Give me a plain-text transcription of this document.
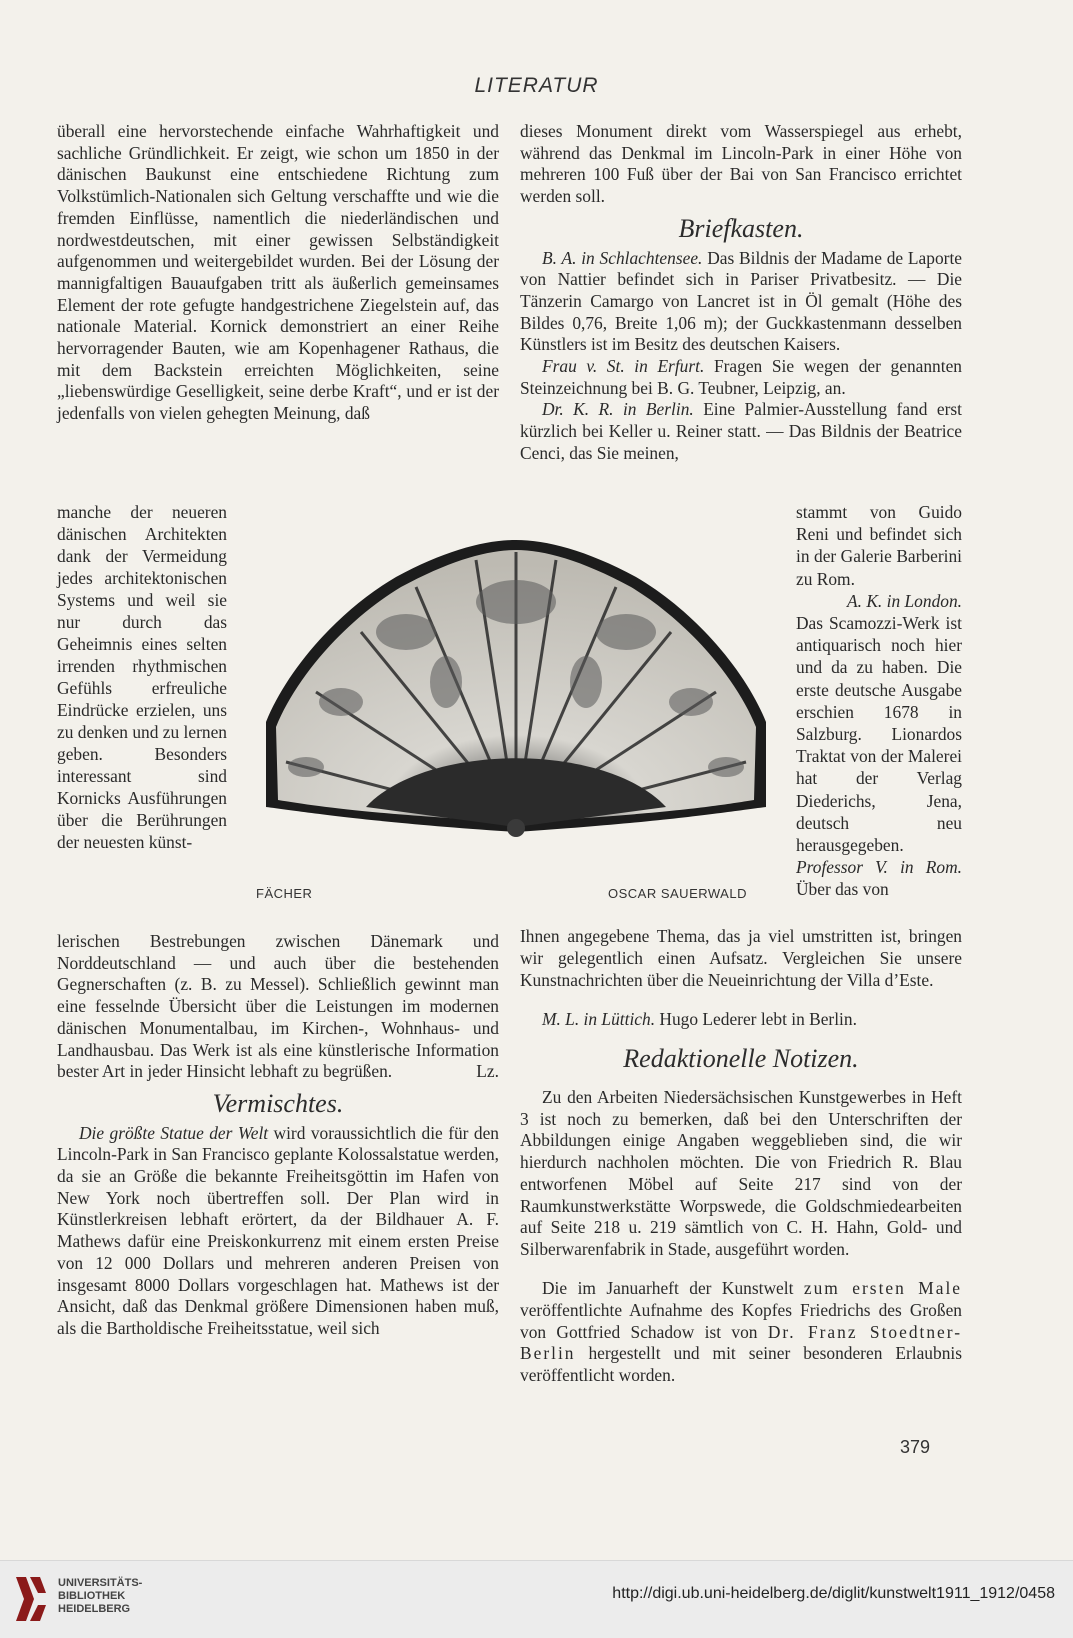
LITERATUR

überall eine hervorstechende einfache Wahrhaftigkeit und sachliche Gründlichkeit. Er zeigt, wie schon um 1850 in der dänischen Baukunst eine entschiedene Richtung zum Volkstümlich-Nationalen sich Geltung verschaffte und wie die fremden Einflüsse, namentlich die niederländischen und nordwestdeutschen, mit einer gewissen Selbständigkeit aufgenommen und weitergebildet wurden. Bei der Lösung der mannigfaltigen Bauaufgaben tritt als äußerlich gemeinsames Element der rote gefugte handgestrichene Ziegelstein auf, das nationale Material. Kornick demonstriert an einer Reihe hervorragender Bauten, wie am Kopenhagener Rathaus, die mit dem Backstein erreichten Möglichkeiten, seine „liebenswürdige Geselligkeit, seine derbe Kraft“, und er ist der jedenfalls von vielen gehegten Meinung, daß

manche der neueren dänischen Architekten dank der Vermeidung jedes architektonischen Systems und weil sie nur durch das Geheimnis eines selten irrenden rhythmischen Gefühls erfreuliche Eindrücke erzielen, uns zu denken und zu lernen geben. Besonders interessant sind Kornicks Ausführungen über die Berührungen der neuesten künst-

FÄCHER	OSCAR SAUERWALD

lerischen Bestrebungen zwischen Dänemark und Norddeutschland — und auch über die bestehenden Gegnerschaften (z. B. zu Messel). Schließlich gewinnt man eine fesselnde Übersicht über die Leistungen im modernen dänischen Monumentalbau, im Kirchen-, Wohnhaus- und Landhausbau. Das Werk ist als eine künstlerische Information bester Art in jeder Hinsicht lebhaft zu begrüßen.	Lz.

Vermischtes.

Die größte Statue der Welt wird voraussichtlich die für den Lincoln-Park in San Francisco geplante Kolossalstatue werden, da sie an Größe die bekannte Freiheitsgöttin im Hafen von New York noch übertreffen soll. Der Plan wird in Künstlerkreisen lebhaft erörtert, da der Bildhauer A. F. Mathews dafür eine Preiskonkurrenz mit einem ersten Preise von 12 000 Dollars und mehreren anderen Preisen von insgesamt 8000 Dollars vorgeschlagen hat. Mathews ist der Ansicht, daß das Denkmal größere Dimensionen haben muß, als die Bartholdische Freiheitsstatue, weil sich

dieses Monument direkt vom Wasserspiegel aus erhebt, während das Denkmal im Lincoln-Park in einer Höhe von mehreren 100 Fuß über der Bai von San Francisco errichtet werden soll.

Briefkasten.

B. A. in Schlachtensee. Das Bildnis der Madame de Laporte von Nattier befindet sich in Pariser Privatbesitz. — Die Tänzerin Camargo von Lancret ist in Öl gemalt (Höhe des Bildes 0,76, Breite 1,06 m); der Guckkastenmann desselben Künstlers ist im Besitz des deutschen Kaisers.

Frau v. St. in Erfurt. Fragen Sie wegen der genannten Steinzeichnung bei B. G. Teubner, Leipzig, an.

Dr. K. R. in Berlin. Eine Palmier-Ausstellung fand erst kürzlich bei Keller u. Reiner statt. — Das Bildnis der Beatrice Cenci, das Sie meinen,

stammt von Guido Reni und befindet sich in der Galerie Barberini zu Rom.

A. K. in London.

Das Scamozzi-Werk ist antiquarisch noch hier und da zu haben. Die erste deutsche Ausgabe erschien 1678 in Salzburg. Lionardos Traktat von der Malerei hat der Verlag Diederichs, Jena, deutsch neu herausgegeben.

Professor V. in Rom. Über das von

Ihnen angegebene Thema, das ja viel umstritten ist, bringen wir gelegentlich einen Aufsatz. Vergleichen Sie unsere Kunstnachrichten über die Neueinrichtung der Villa d’Este.

M. L. in Lüttich. Hugo Lederer lebt in Berlin.

Redaktionelle Notizen.

Zu den Arbeiten Niedersächsischen Kunstgewerbes in Heft 3 ist noch zu bemerken, daß bei den Unterschriften der Abbildungen einige Angaben weggeblieben sind, die wir hierdurch nachholen möchten. Die von Friedrich R. Blau entworfenen Möbel auf Seite 217 sind von der Raumkunstwerkstätte Worpswede, die Goldschmiedearbeiten auf Seite 218 u. 219 sämtlich von C. H. Hahn, Gold- und Silberwarenfabrik in Stade, ausgeführt worden.

Die im Januarheft der Kunstwelt zum ersten Male veröffentlichte Aufnahme des Kopfes Friedrichs des Großen von Gottfried Schadow ist von Dr. Franz Stoedtner-Berlin hergestellt und mit seiner besonderen Erlaubnis veröffentlicht worden.

379
UNIVERSITÄTS-
BIBLIOTHEK
HEIDELBERG
http://digi.ub.uni-heidelberg.de/diglit/kunstwelt1911_1912/0458
